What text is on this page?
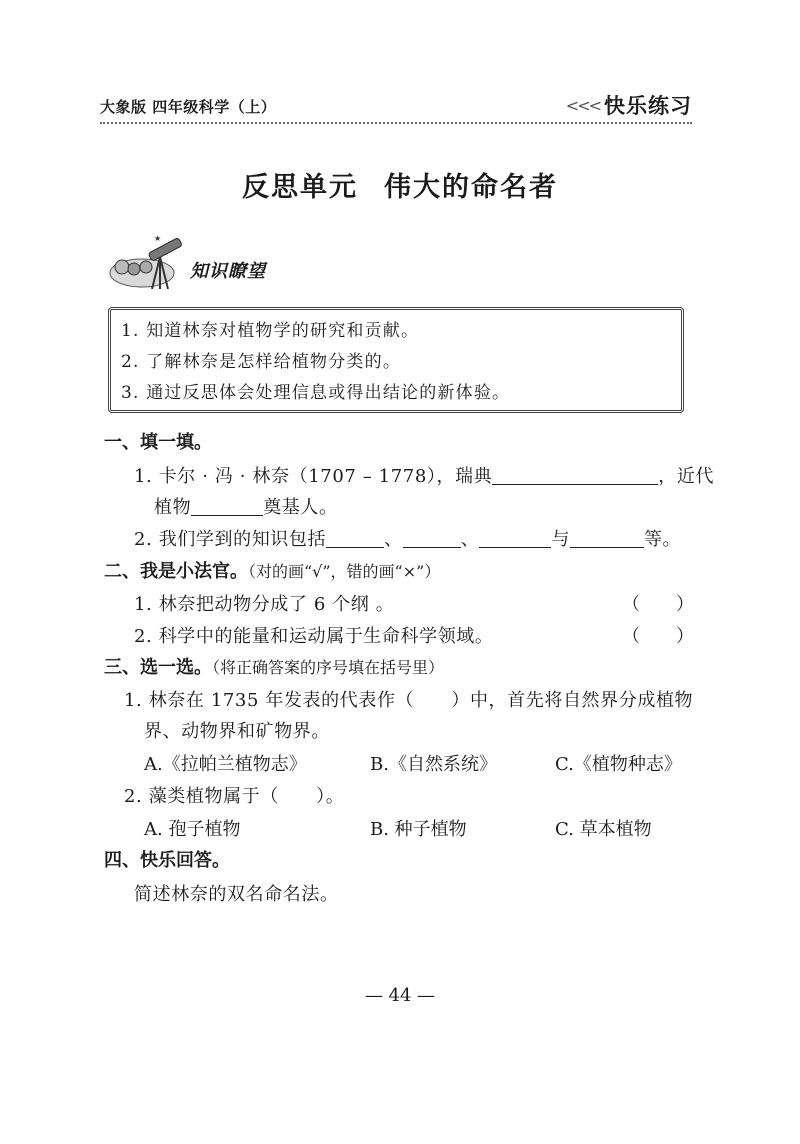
大象版 四年级科学（上）	<<< 快乐练习
反思单元 伟大的命名者
★
知识瞭望
1. 知道林奈对植物学的研究和贡献。
2. 了解林奈是怎样给植物分类的。
3. 通过反思体会处理信息或得出结论的新体验。
一、填一填。
1. 卡尔 · 冯 · 林奈（1707 – 1778），瑞典	，近代
植物	奠基人。
2. 我们学到的知识包括	、	、	与	等。
二、我是小法官。（对的画“√”，错的画“×”）
1. 林奈把动物分成了 6 个纲 。	（　　）
2. 科学中的能量和运动属于生命科学领域。	（　　）
三、选一选。（将正确答案的序号填在括号里）
1. 林奈在 1735 年发表的代表作（　　）中，首先将自然界分成植物
界、动物界和矿物界。
A.《拉帕兰植物志》	B.《自然系统》	C.《植物种志》
2. 藻类植物属于（　　）。
A. 孢子植物	B. 种子植物	C. 草本植物
四、快乐回答。
简述林奈的双名命名法。
— 44 —
